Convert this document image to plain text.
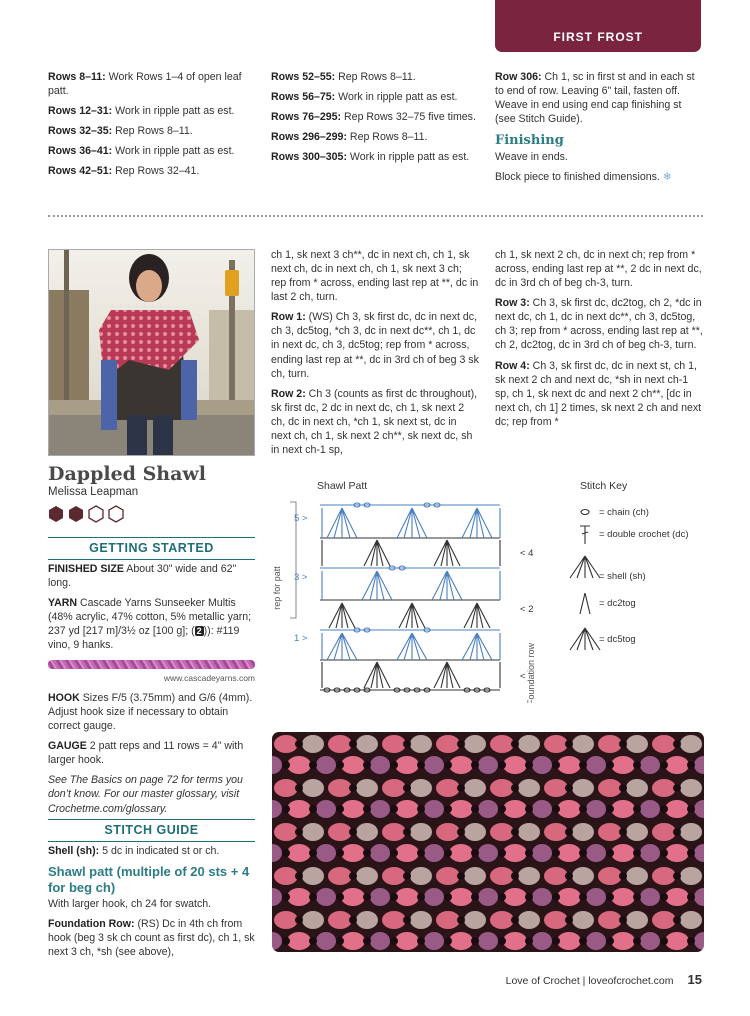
FIRST FROST

Rows 8–11: Work Rows 1–4 of open leaf patt.

Rows 12–31: Work in ripple patt as est.

Rows 32–35: Rep Rows 8–11.

Rows 36–41: Work in ripple patt as est.

Rows 42–51: Rep Rows 32–41.

Rows 52–55: Rep Rows 8–11.

Rows 56–75: Work in ripple patt as est.

Rows 76–295: Rep Rows 32–75 five times.

Rows 296–299: Rep Rows 8–11.

Rows 300–305: Work in ripple patt as est.

Row 306: Ch 1, sc in first st and in each st to end of row. Leaving 6" tail, fasten off. Weave in end using end cap finishing st (see Stitch Guide).

Finishing

Weave in ends.

Block piece to finished dimensions. ❄

Dappled Shawl
Melissa Leapman
GETTING STARTED

FINISHED SIZE About 30" wide and 62" long.

YARN Cascade Yarns Sunseeker Multis (48% acrylic, 47% cotton, 5% metallic yarn; 237 yd [217 m]/3½ oz [100 g]; ( 2 )): #119 vino, 9 hanks.

www.cascadeyarns.com

HOOK Sizes F/5 (3.75mm) and G/6 (4mm). Adjust hook size if necessary to obtain correct gauge.

GAUGE 2 patt reps and 11 rows = 4" with larger hook.

See The Basics on page 72 for terms you don’t know. For our master glossary, visit Crochetme.com/glossary.

STITCH GUIDE

Shell (sh): 5 dc in indicated st or ch.

Shawl patt (multiple of 20 sts + 4 for beg ch)

With larger hook, ch 24 for swatch.

Foundation Row: (RS) Dc in 4th ch from hook (beg 3 sk ch count as first dc), ch 1, sk next 3 ch, *sh (see above),

ch 1, sk next 3 ch**, dc in next ch, ch 1, sk next ch, dc in next ch, ch 1, sk next 3 ch; rep from * across, ending last rep at **, dc in last 2 ch, turn.

Row 1: (WS) Ch 3, sk first dc, dc in next dc, ch 3, dc5tog, *ch 3, dc in next dc**, ch 1, dc in next dc, ch 3, dc5tog; rep from * across, ending last rep at **, dc in 3rd ch of beg 3 sk ch, turn.

Row 2: Ch 3 (counts as first dc throughout), sk first dc, 2 dc in next dc, ch 1, sk next 2 ch, dc in next ch, *ch 1, sk next st, dc in next ch, ch 1, sk next 2 ch**, sk next dc, sh in next ch-1 sp,

ch 1, sk next 2 ch, dc in next ch; rep from * across, ending last rep at **, 2 dc in next dc, dc in 3rd ch of beg ch-3, turn.

Row 3: Ch 3, sk first dc, dc2tog, ch 2, *dc in next dc, ch 1, dc in next dc**, ch 3, dc5tog, ch 3; rep from * across, ending last rep at **, ch 2, dc2tog, dc in 3rd ch of beg ch-3, turn.

Row 4: Ch 3, sk first dc, dc in next st, ch 1, sk next 2 ch and next dc, *sh in next ch-1 sp, ch 1, sk next dc and next 2 ch**, [dc in next ch, ch 1] 2 times, sk next 2 ch and next dc; rep from *

Shawl Patt	Stitch Key
rep for patt
5 >
3 >
1 >
< 4
< 2
< Foundation row
= chain (ch)
= double crochet (dc)
= shell (sh)
= dc2tog
= dc5tog
Love of Crochet | loveofcrochet.com 15
